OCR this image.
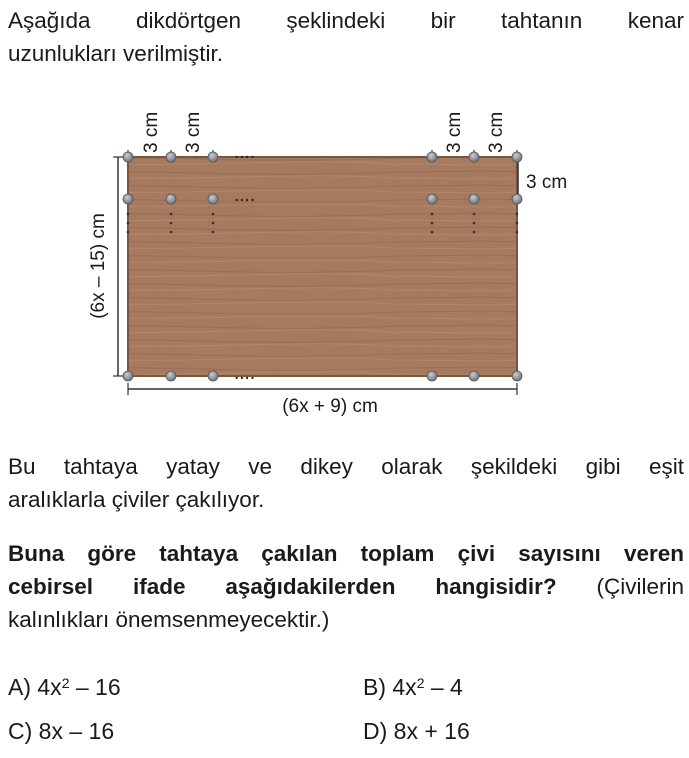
Aşağıda dikdörtgen şeklindeki bir tahtanın kenar
uzunlukları verilmiştir.
3 cm 3 cm	3 cm 3 cm
3 cm
(6x – 15) cm
(6x + 9) cm
....
....
....
Bu tahtaya yatay ve dikey olarak şekildeki gibi eşit
aralıklarla çiviler çakılıyor.
Buna göre tahtaya çakılan toplam çivi sayısını veren
cebirsel ifade aşağıdakilerden hangisidir? (Çivilerin
kalınlıkları önemsenmeyecektir.)
A) $4x^2 - 16$	B) $4x^2 - 4$
C) 8x – 16	D) 8x + 16
